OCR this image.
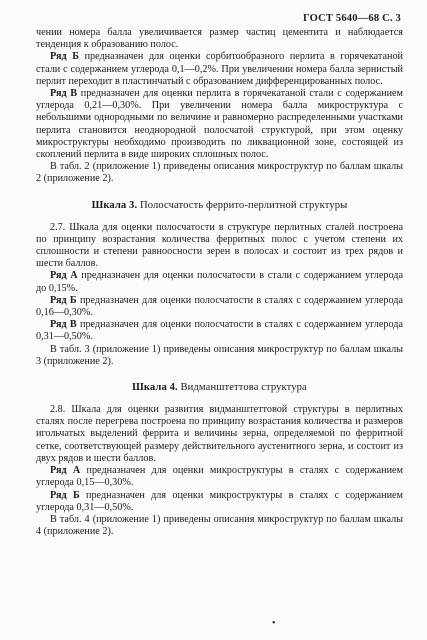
ГОСТ 5640—68 С. 3

чении номера балла увеличивается размер частиц цементита и наблюдается тенденция к образованию полос.

Ряд Б предназначен для оценки сорбитообразного перлита в горячекатаной стали с содержанием углерода 0,1—0,2%. При увеличении номера балла зернистый перлит переходит в пластинчатый с образованием дифференцированных полос.

Ряд В предназначен для оценки перлита в горячекатаной стали с содержанием углерода 0,21—0,30%. При увеличении номера балла микроструктура с небольшими однородными по величине и равномерно распределенными участками перлита становится неоднородной полосчатой структурой, при этом оценку микроструктуры необходимо производить по ликвационной зоне, состоящей из скоплений перлита в виде широких сплошных полос.

В табл. 2 (приложение 1) приведены описания микроструктур по баллам шкалы 2 (приложение 2).

Шкала 3. Полосчатость феррито-перлитной структуры

2.7. Шкала для оценки полосчатости в структуре перлитных сталей построена по принципу возрастания количества ферритных полос с учетом степени их сплошности и степени равноосности зерен в полосах и состоит из трех рядов и шести баллов.

Ряд А предназначен для оценки полосчатости в стали с содержанием углерода до 0,15%.

Ряд Б предназначен для оценки полосчатости в сталях с содержанием углерода 0,16—0,30%.

Ряд В предназначен для оценки полосчатости в сталях с содержанием углерода 0,31—0,50%.

В табл. 3 (приложение 1) приведены описания микроструктур по баллам шкалы 3 (приложение 2).

Шкала 4. Видманштеттова структура

2.8. Шкала для оценки развития видманштеттовой структуры в перлитных сталях после перегрева построена по принципу возрастания количества и размеров игольчатых выделений феррита и величины зерна, определяемой по ферритной сетке, соответствующей размеру действительного аустенитного зерна, и состоит из двух рядов и шести баллов.

Ряд А предназначен для оценки микроструктуры в сталях с содержанием углерода 0,15—0,30%.

Ряд Б предназначен для оценки микроструктуры в сталях с содержанием углерода 0,31—0,50%.

В табл. 4 (приложение 1) приведены описания микроструктур по баллам шкалы 4 (приложение 2).

•
